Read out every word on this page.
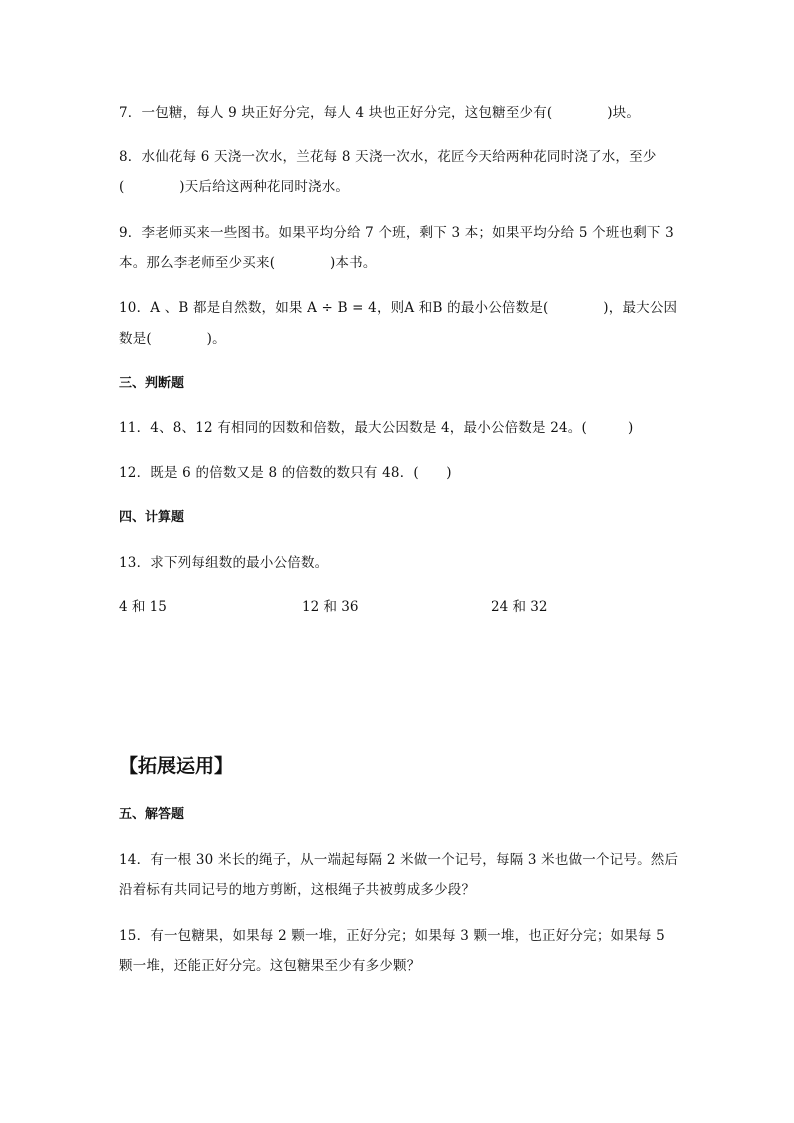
7．一包糖，每人 9 块正好分完，每人 4 块也正好分完，这包糖至少有(　　　　)块。
8．水仙花每 6 天浇一次水，兰花每 8 天浇一次水，花匠今天给两种花同时浇了水，至少
(　　　　)天后给这两种花同时浇水。
9．李老师买来一些图书。如果平均分给 7 个班，剩下 3 本；如果平均分给 5 个班也剩下 3
本。那么李老师至少买来(　　　　)本书。
10．A 、B 都是自然数，如果 A ÷ B = 4，则A 和B 的最小公倍数是(　　　　)，最大公因
数是(　　　　)。
三、判断题
11．4、8、12 有相同的因数和倍数，最大公因数是 4，最小公倍数是 24。(　　　)
12．既是 6 的倍数又是 8 的倍数的数只有 48．(　　)
四、计算题
13．求下列每组数的最小公倍数。
4 和 15	12 和 36	24 和 32
【拓展运用】
五、解答题
14．有一根 30 米长的绳子，从一端起每隔 2 米做一个记号，每隔 3 米也做一个记号。然后
沿着标有共同记号的地方剪断，这根绳子共被剪成多少段？
15．有一包糖果，如果每 2 颗一堆，正好分完；如果每 3 颗一堆，也正好分完；如果每 5
颗一堆，还能正好分完。这包糖果至少有多少颗？
